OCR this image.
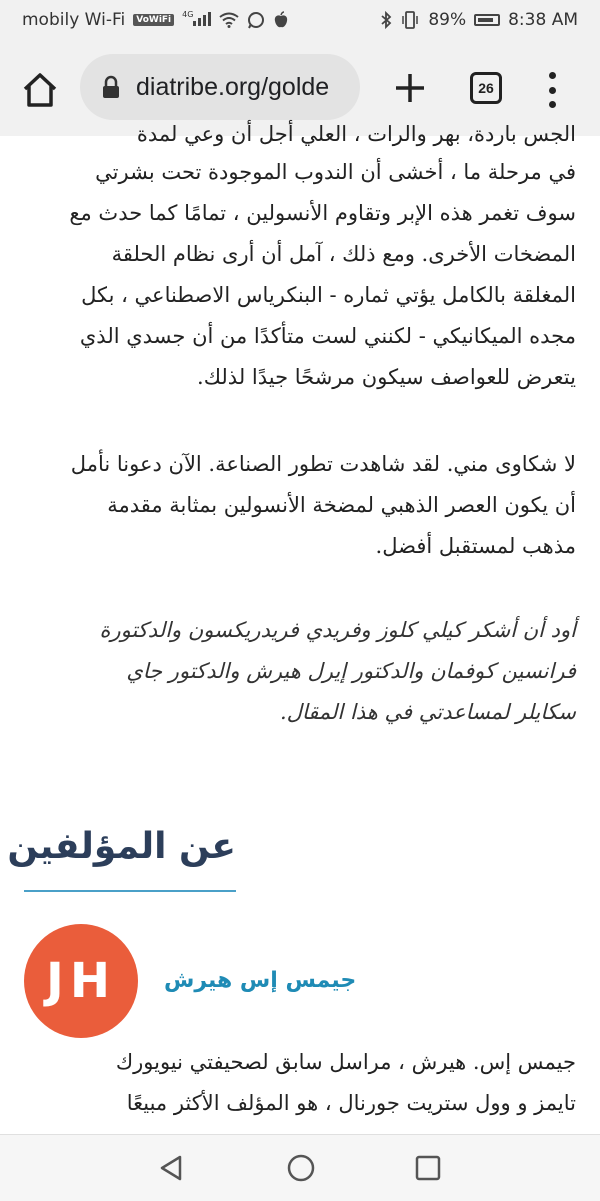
mobily Wi-Fi	VoWiFi
$^{4G}$	89% 8:38 AM
diatribe.org/golde	26
الجس باردة، بهر والرات ، العلي أجل أن وعي لمدة
في مرحلة ما ، أخشى أن الندوب الموجودة تحت بشرتي
سوف تغمر هذه الإبر وتقاوم الأنسولين ، تمامًا كما حدث مع
المضخات الأخرى. ومع ذلك ، آمل أن أرى نظام الحلقة
المغلقة بالكامل يؤتي ثماره - البنكرياس الاصطناعي ، بكل
مجده الميكانيكي - لكنني لست متأكدًا من أن جسدي الذي
يتعرض للعواصف سيكون مرشحًا جيدًا لذلك.
لا شكاوى مني. لقد شاهدت تطور الصناعة. الآن دعونا نأمل
أن يكون العصر الذهبي لمضخة الأنسولين بمثابة مقدمة
مذهب لمستقبل أفضل.
أود أن أشكر كيلي كلوز وفريدي فريدريكسون والدكتورة
فرانسين كوفمان والدكتور إيرل هيرش والدكتور جاي
سكايلر لمساعدتي في هذا المقال.
عن المؤلفين
JH جيمس إس هيرش
جيمس إس. هيرش ، مراسل سابق لصحيفتي نيويورك
تايمز و وول ستريت جورنال ، هو المؤلف الأكثر مبيعًا
